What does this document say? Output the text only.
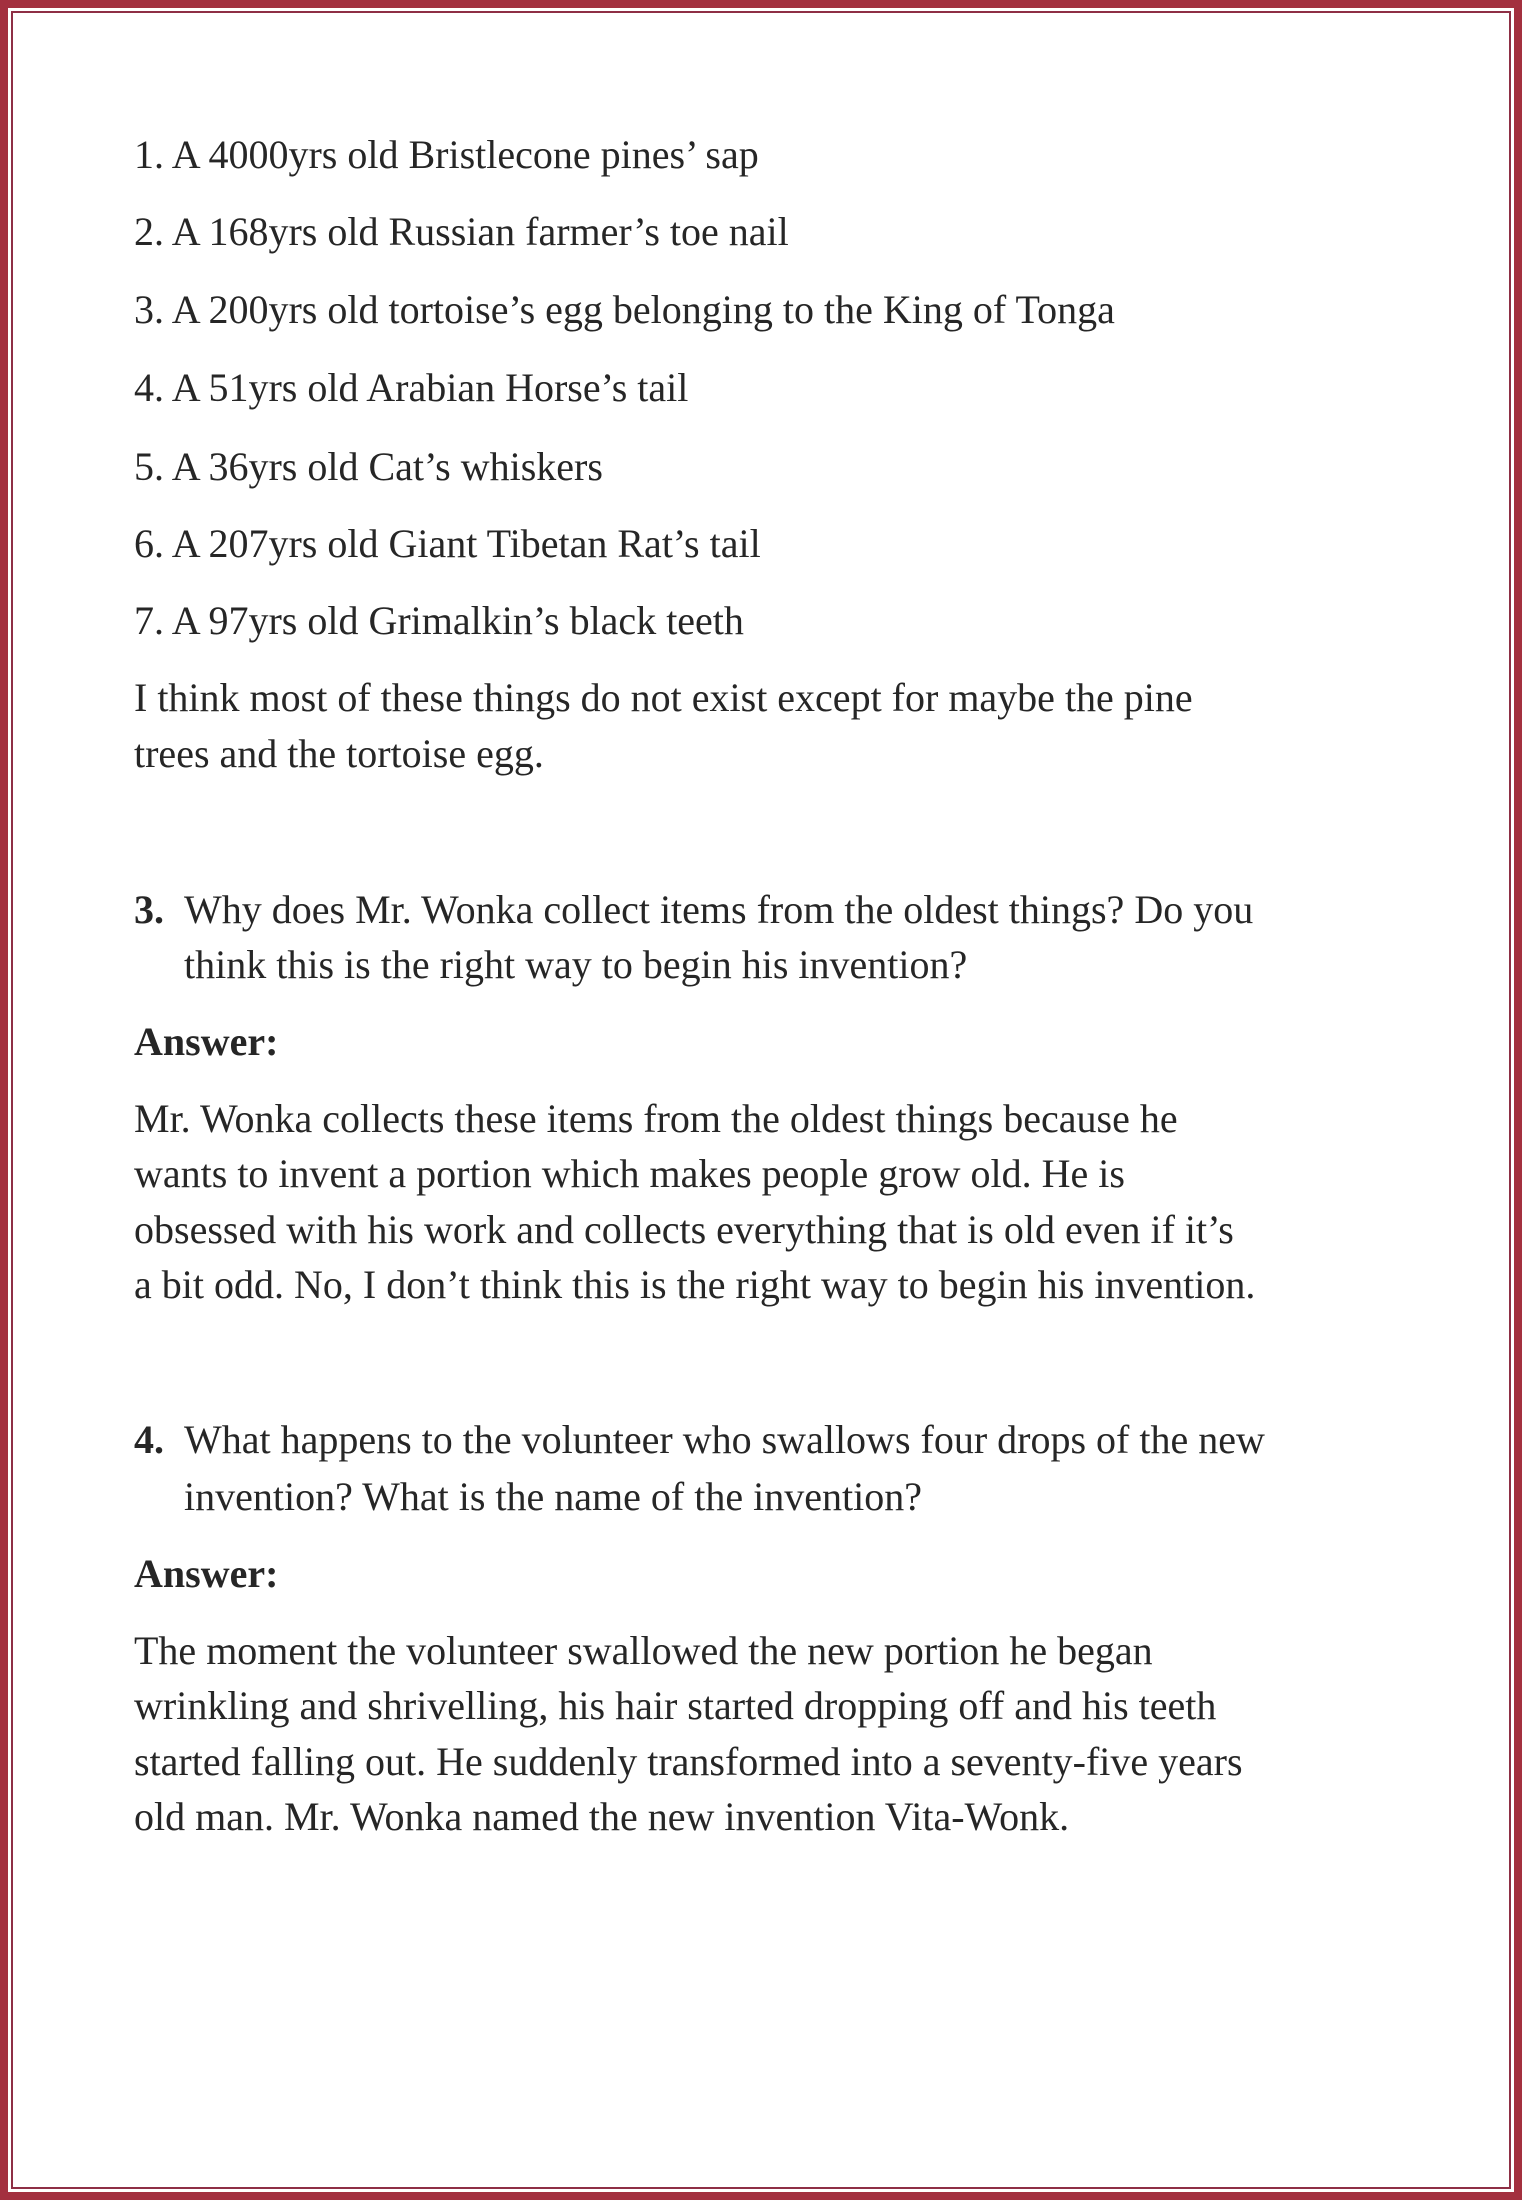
1. A 4000yrs old Bristlecone pines’ sap
2. A 168yrs old Russian farmer’s toe nail
3. A 200yrs old tortoise’s egg belonging to the King of Tonga
4. A 51yrs old Arabian Horse’s tail
5. A 36yrs old Cat’s whiskers
6. A 207yrs old Giant Tibetan Rat’s tail
7. A 97yrs old Grimalkin’s black teeth
I think most of these things do not exist except for maybe the pine
trees and the tortoise egg.
3. Why does Mr. Wonka collect items from the oldest things? Do you
think this is the right way to begin his invention?
Answer:
Mr. Wonka collects these items from the oldest things because he
wants to invent a portion which makes people grow old. He is
obsessed with his work and collects everything that is old even if it’s
a bit odd. No, I don’t think this is the right way to begin his invention.
4. What happens to the volunteer who swallows four drops of the new
invention? What is the name of the invention?
Answer:
The moment the volunteer swallowed the new portion he began
wrinkling and shrivelling, his hair started dropping off and his teeth
started falling out. He suddenly transformed into a seventy-five years
old man. Mr. Wonka named the new invention Vita-Wonk.
